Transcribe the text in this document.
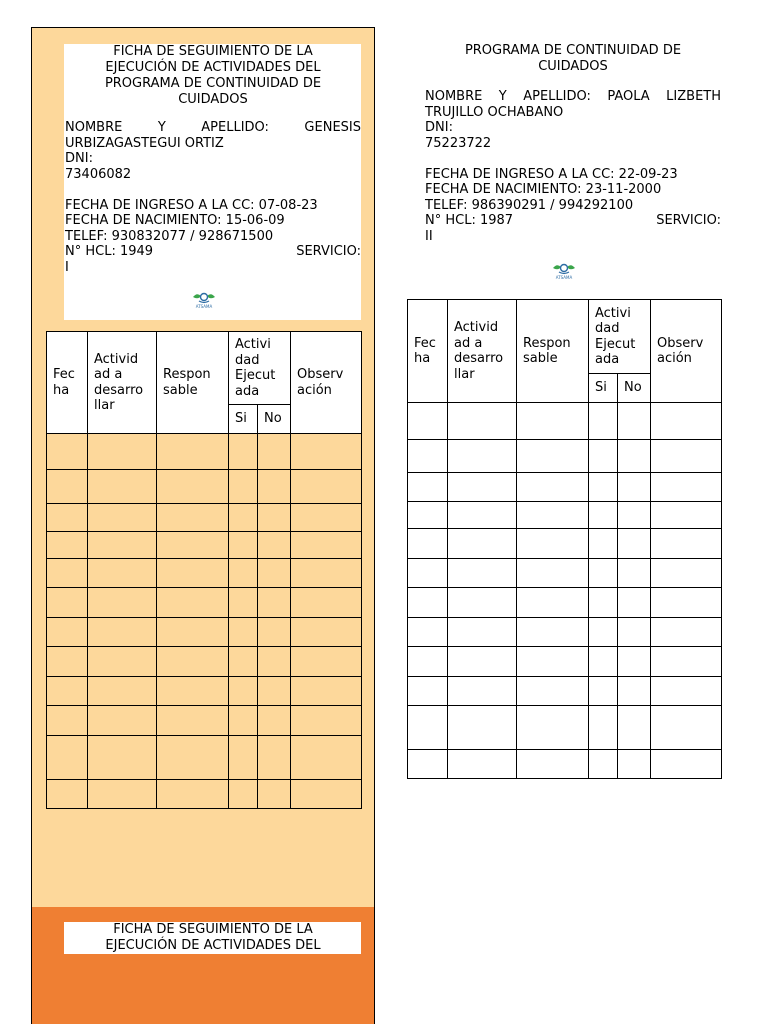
FICHA DE SEGUIMIENTO DE LA EJECUCIÓN DE ACTIVIDADES DEL PROGRAMA DE CONTINUIDAD DE CUIDADOS

NOMBRE Y APELLIDO: GENESIS

URBIZAGASTEGUI ORTIZ

DNI:

73406082

FECHA DE INGRESO A LA CC: 07-08-23

FECHA DE NACIMIENTO: 15-06-09

TELEF: 930832077 / 928671500

N° HCL: 1949	SERVICIO:

I

ATSAMA
Fec ha	Activid ad a desarro llar	Respon sable	Activi dad Ejecut ada		Observ ación
			Si	No	

FICHA DE SEGUIMIENTO DE LA EJECUCIÓN DE ACTIVIDADES DEL

PROGRAMA DE CONTINUIDAD DE CUIDADOS

NOMBRE Y APELLIDO: PAOLA LIZBETH

TRUJILLO OCHABANO

DNI:

75223722

FECHA DE INGRESO A LA CC: 22-09-23

FECHA DE NACIMIENTO: 23-11-2000

TELEF: 986390291 / 994292100

N° HCL: 1987	SERVICIO:

II

ATSAMA
Fec ha	Activid ad a desarro llar	Respon sable	Activi dad Ejecut ada		Observ ación
			Si	No	
